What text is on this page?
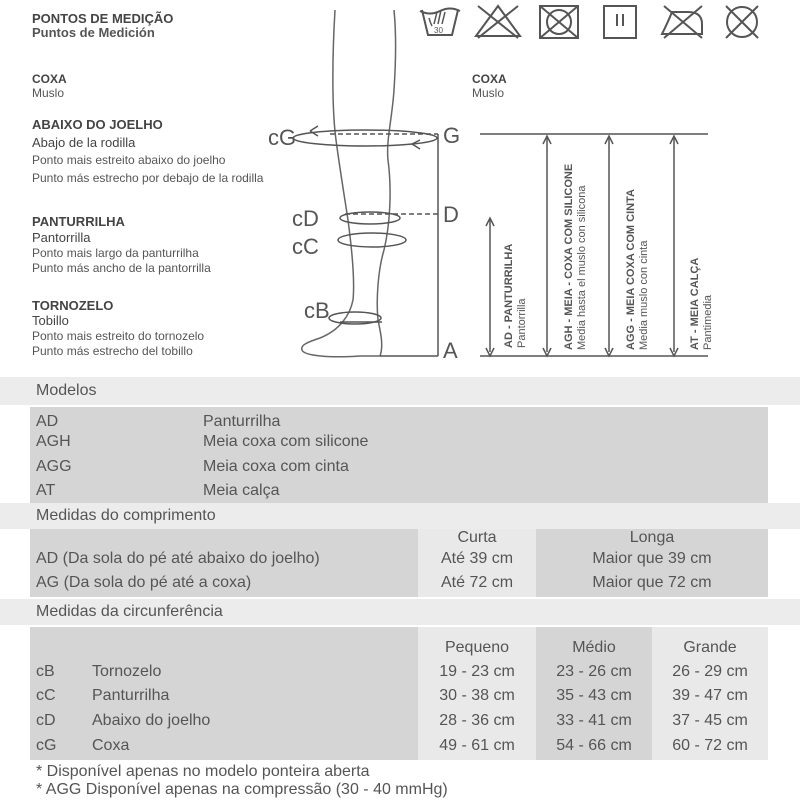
PONTOS DE MEDIÇÃO
Puntos de Medición
COXA
Muslo
ABAIXO DO JOELHO
Abajo de la rodilla
Ponto mais estreito abaixo do joelho
Punto más estrecho por debajo de la rodilla
PANTURRILHA
Pantorrilla
Ponto mais largo da panturrilha
Punto más ancho de la pantorrilla
TORNOZELO
Tobillo
Ponto mais estreito do tornozelo
Punto más estrecho del tobillo
COXA
Muslo
30
cG
cD
cC
cB
G
D
A
AD - PANTURRILHA Pantorrilla	AGH - MEIA - COXA COM SILICONE Media hasta el muslo con silicona	AGG - MEIA COXA COM CINTA Media muslo con cinta	AT - MEIA CALÇA Pantimedia
Modelos
AD	Panturrilha
AGH	Meia coxa com silicone
AGG	Meia coxa com cinta
AT	Meia calça
Medidas do comprimento
Curta	Longa
AD (Da sola do pé até abaixo do joelho)	Até 39 cm	Maior que 39 cm
AG (Da sola do pé até a coxa)	Até 72 cm	Maior que 72 cm
Medidas da circunferência
Pequeno	Médio	Grande
cB Tornozelo	19 - 23 cm	23 - 26 cm	26 - 29 cm
cC Panturrilha	30 - 38 cm	35 - 43 cm	39 - 47 cm
cD Abaixo do joelho	28 - 36 cm	33 - 41 cm	37 - 45 cm
cG Coxa	49 - 61 cm	54 - 66 cm	60 - 72 cm
* Disponível apenas no modelo ponteira aberta
* AGG Disponível apenas na compressão (30 - 40 mmHg)
